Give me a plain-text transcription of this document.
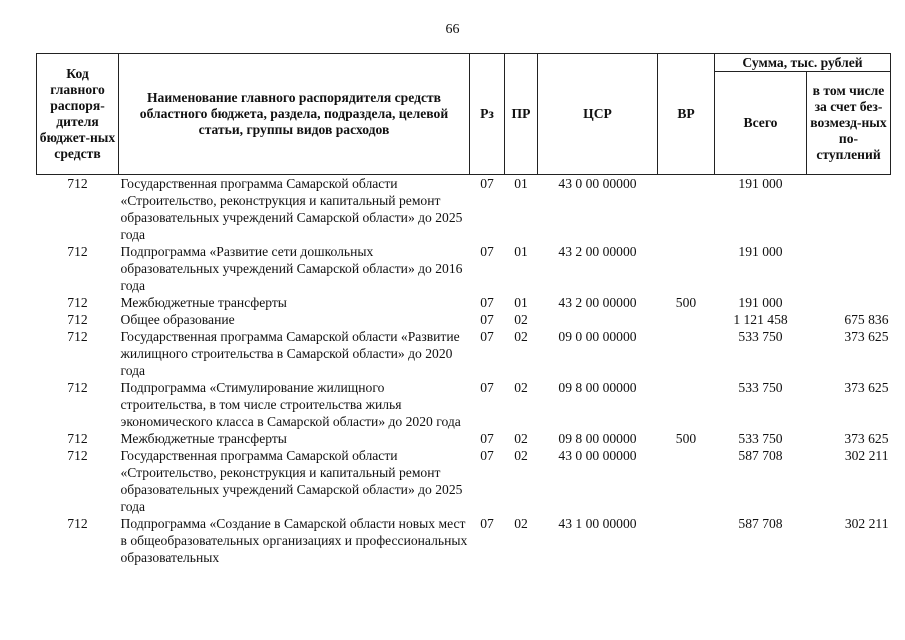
66
Код главного распоря-дителя бюджет-ных средств	Наименование главного распорядителя средств областного бюджета, раздела, подраздела, целевой статьи, группы видов расходов	Рз	ПР	ЦСР	ВР	Сумма, тыс. рублей	
						Всего	в том числе за счет без-возмезд-ных по-ступлений
712	Государственная программа Самарской области «Строительство, реконструкция и капитальный ремонт образовательных учреждений Самарской области» до 2025 года	07	01	43 0 00 00000		191 000	
712	Подпрограмма «Развитие сети дошкольных образовательных учреждений Самарской области» до 2016 года	07	01	43 2 00 00000		191 000	
712	Межбюджетные трансферты	07	01	43 2 00 00000	500	191 000	
712	Общее образование	07	02			1 121 458	675 836
712	Государственная программа Самарской области «Развитие жилищного строительства в Самарской области» до 2020 года	07	02	09 0 00 00000		533 750	373 625
712	Подпрограмма «Стимулирование жилищного строительства, в том числе строительства жилья экономического класса в Самарской области» до 2020 года	07	02	09 8 00 00000		533 750	373 625
712	Межбюджетные трансферты	07	02	09 8 00 00000	500	533 750	373 625
712	Государственная программа Самарской области «Строительство, реконструкция и капитальный ремонт образовательных учреждений Самарской области» до 2025 года	07	02	43 0 00 00000		587 708	302 211
712	Подпрограмма «Создание в Самарской области новых мест в общеобразовательных организациях и профессиональных образовательных	07	02	43 1 00 00000		587 708	302 211
